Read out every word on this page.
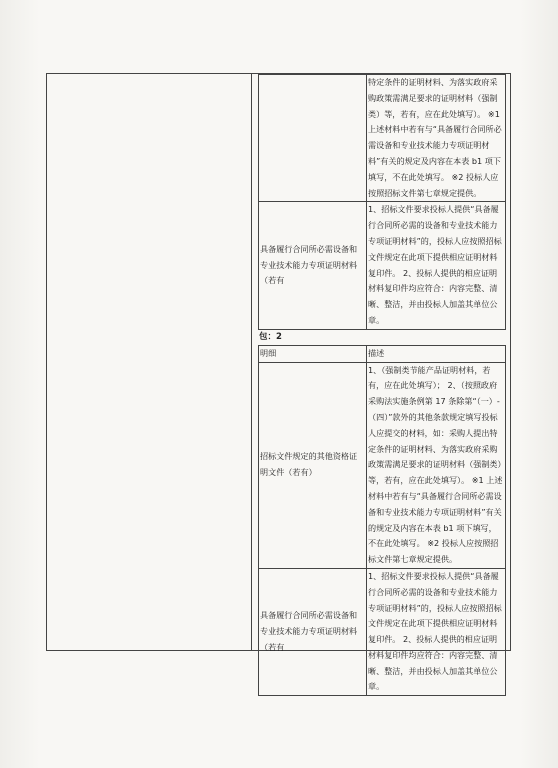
	特定条件的证明材料、为落实政府采购政策需满足要求的证明材料（强制类）等，若有，应在此处填写）。 ※1 上述材料中若有与“具备履行合同所必需设备和专业技术能力专项证明材料”有关的规定及内容在本表 b1 项下填写，不在此处填写。 ※2 投标人应按照招标文件第七章规定提供。
具备履行合同所必需设备和专业技术能力专项证明材料（若有	1、招标文件要求投标人提供“具备履行合同所必需的设备和专业技术能力专项证明材料”的，投标人应按照招标文件规定在此项下提供相应证明材料复印件。 2、投标人提供的相应证明材料复印件均应符合：内容完整、清晰、整洁，并由投标人加盖其单位公章。
包：2
明细	描述
招标文件规定的其他资格证明文件（若有）	1、（强制类节能产品证明材料，若有，应在此处填写）； 2、（按照政府采购法实施条例第 17 条除第“（一）-（四）”款外的其他条款规定填写投标人应提交的材料，如：采购人提出特定条件的证明材料、为落实政府采购政策需满足要求的证明材料（强制类）等，若有，应在此处填写）。 ※1 上述材料中若有与“具备履行合同所必需设备和专业技术能力专项证明材料”有关的规定及内容在本表 b1 项下填写，不在此处填写。 ※2 投标人应按照招标文件第七章规定提供。
具备履行合同所必需设备和专业技术能力专项证明材料（若有	1、招标文件要求投标人提供“具备履行合同所必需的设备和专业技术能力专项证明材料”的，投标人应按照招标文件规定在此项下提供相应证明材料复印件。 2、投标人提供的相应证明材料复印件均应符合：内容完整、清晰、整洁，并由投标人加盖其单位公章。
